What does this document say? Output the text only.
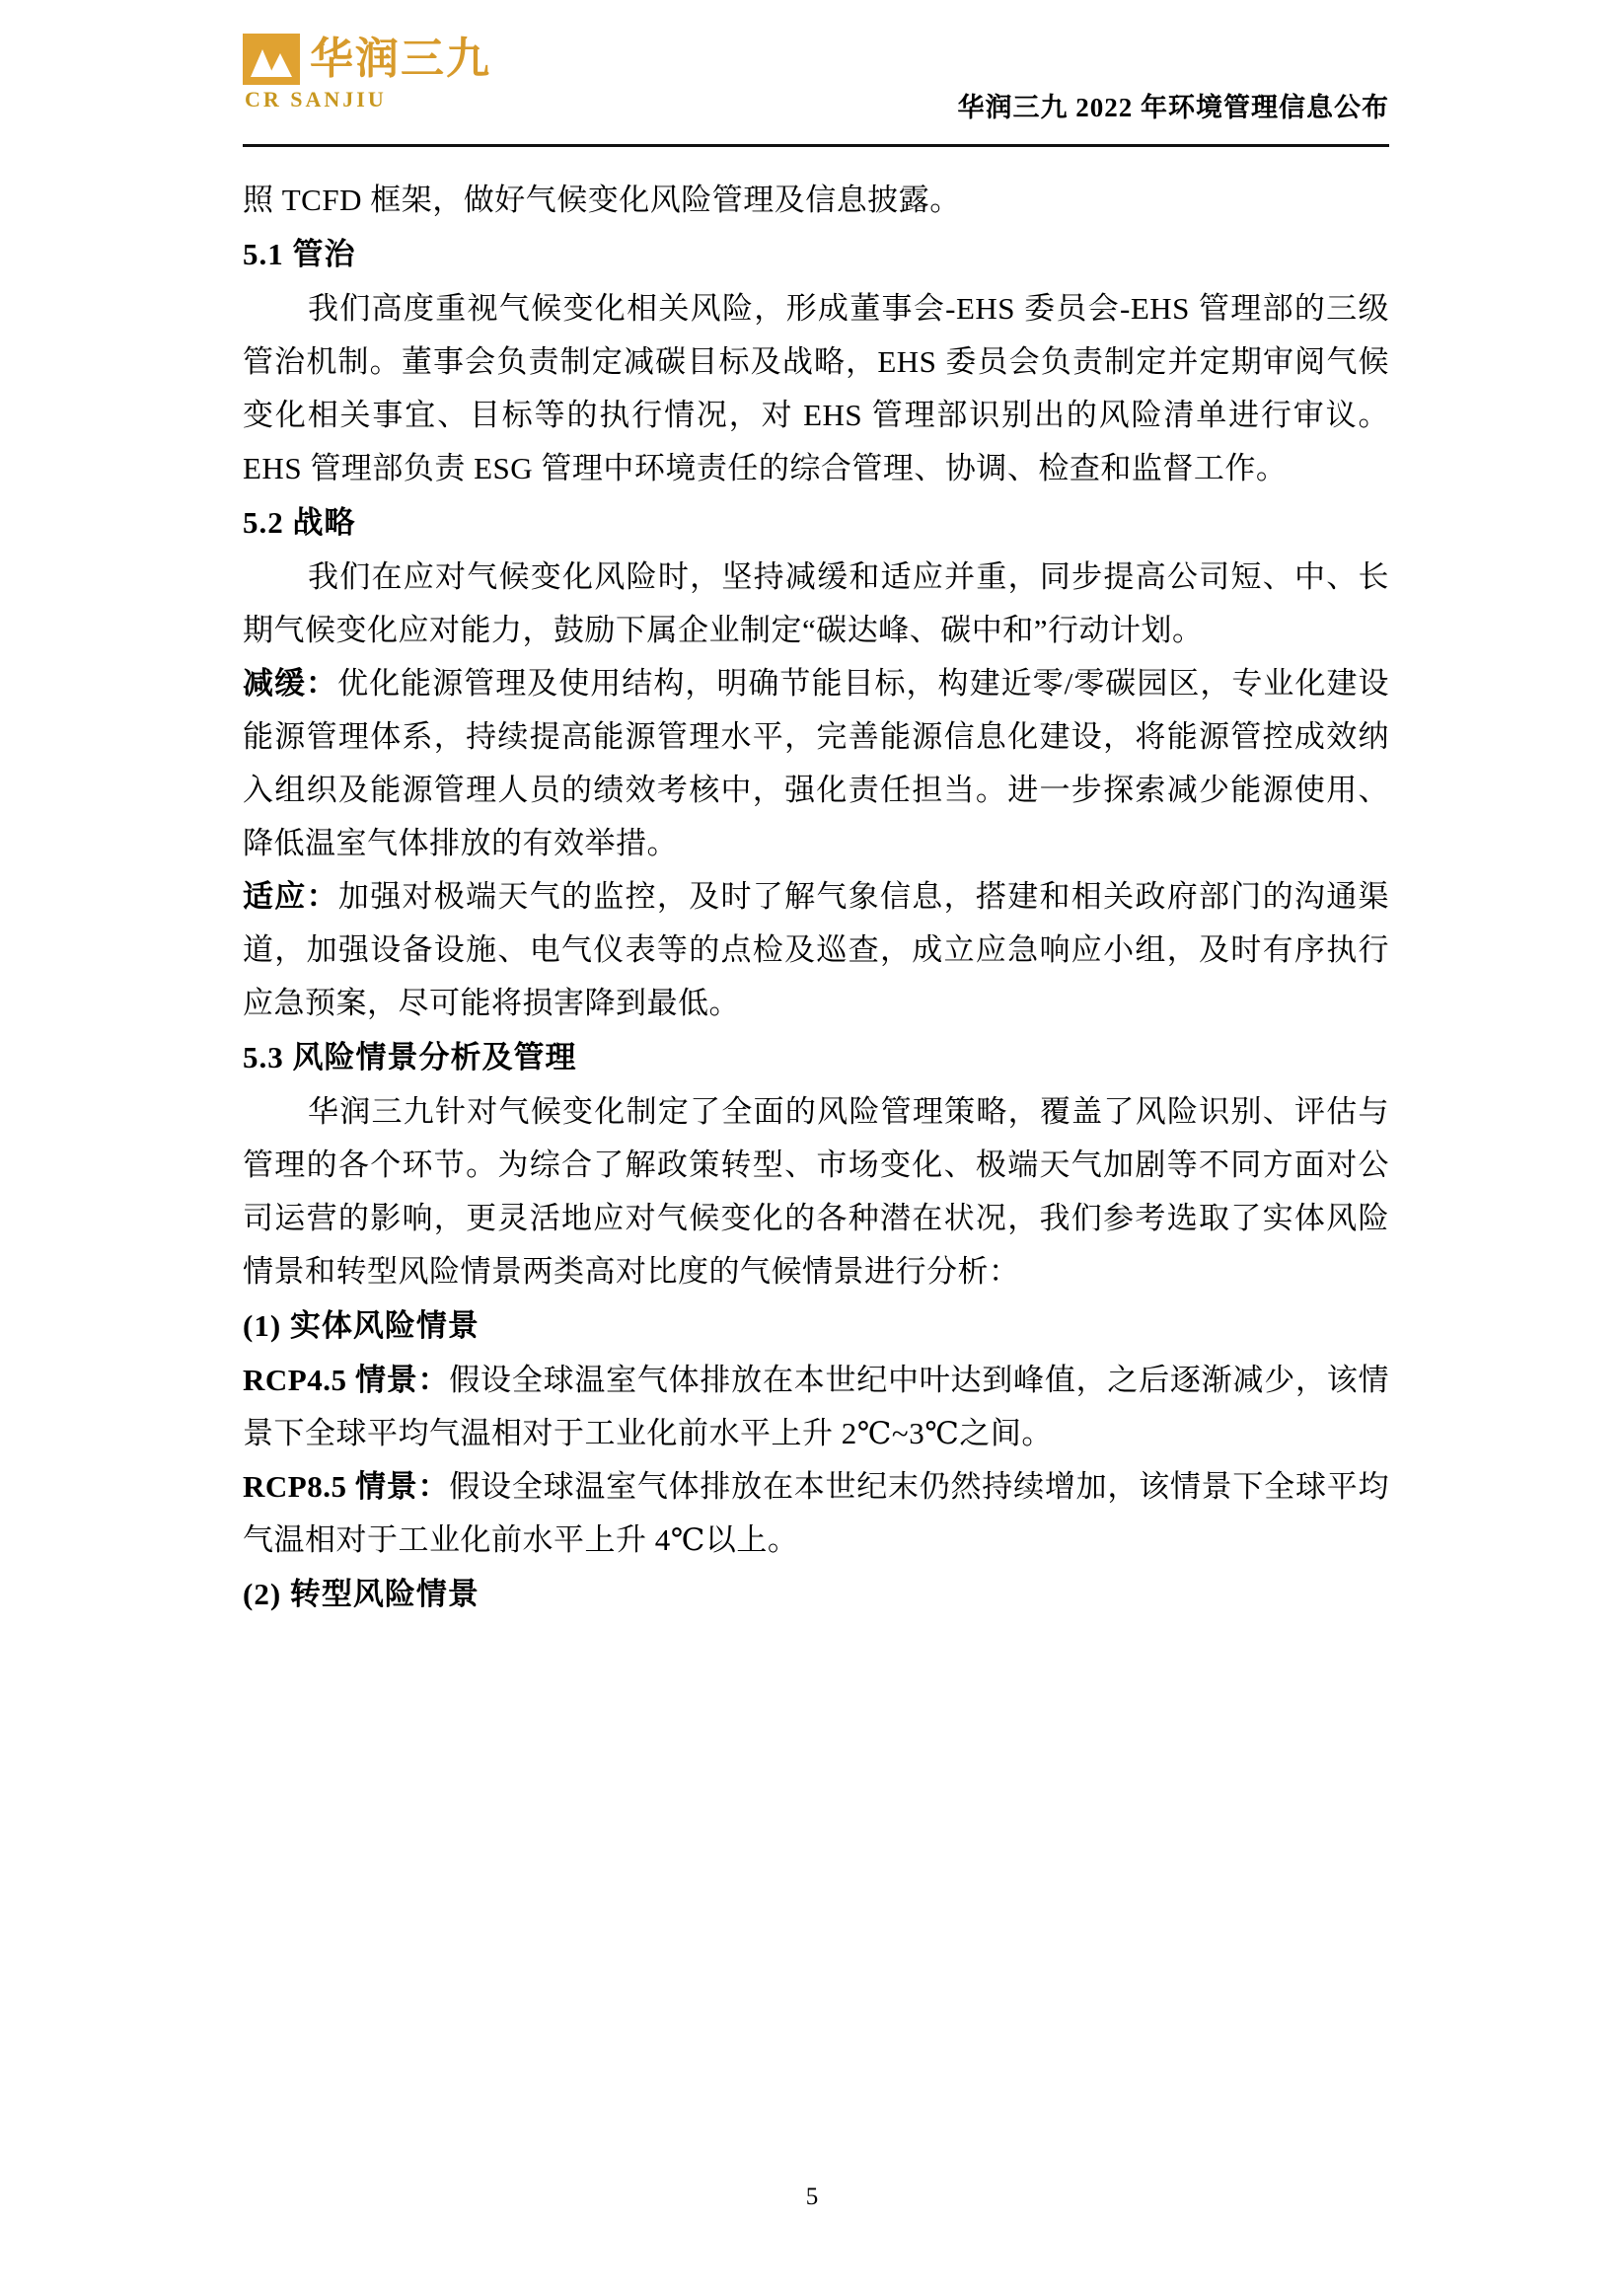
华润三九
CR SANJIU	华润三九 2022 年环境管理信息公布

照 TCFD 框架，做好气候变化风险管理及信息披露。

5.1 管治

我们高度重视气候变化相关风险，形成董事会-EHS 委员会-EHS 管理部的三级管治机制。董事会负责制定减碳目标及战略，EHS 委员会负责制定并定期审阅气候变化相关事宜、目标等的执行情况，对 EHS 管理部识别出的风险清单进行审议。EHS 管理部负责 ESG 管理中环境责任的综合管理、协调、检查和监督工作。

5.2 战略

我们在应对气候变化风险时，坚持减缓和适应并重，同步提高公司短、中、长期气候变化应对能力，鼓励下属企业制定“碳达峰、碳中和”行动计划。

减缓：优化能源管理及使用结构，明确节能目标，构建近零/零碳园区，专业化建设能源管理体系，持续提高能源管理水平，完善能源信息化建设，将能源管控成效纳入组织及能源管理人员的绩效考核中，强化责任担当。进一步探索减少能源使用、降低温室气体排放的有效举措。

适应：加强对极端天气的监控，及时了解气象信息，搭建和相关政府部门的沟通渠道，加强设备设施、电气仪表等的点检及巡查，成立应急响应小组，及时有序执行应急预案，尽可能将损害降到最低。

5.3 风险情景分析及管理

华润三九针对气候变化制定了全面的风险管理策略，覆盖了风险识别、评估与管理的各个环节。为综合了解政策转型、市场变化、极端天气加剧等不同方面对公司运营的影响，更灵活地应对气候变化的各种潜在状况，我们参考选取了实体风险情景和转型风险情景两类高对比度的气候情景进行分析：

(1) 实体风险情景

RCP4.5 情景：假设全球温室气体排放在本世纪中叶达到峰值，之后逐渐减少，该情景下全球平均气温相对于工业化前水平上升 2℃~3℃之间。

RCP8.5 情景：假设全球温室气体排放在本世纪末仍然持续增加，该情景下全球平均气温相对于工业化前水平上升 4℃以上。

(2) 转型风险情景

5
